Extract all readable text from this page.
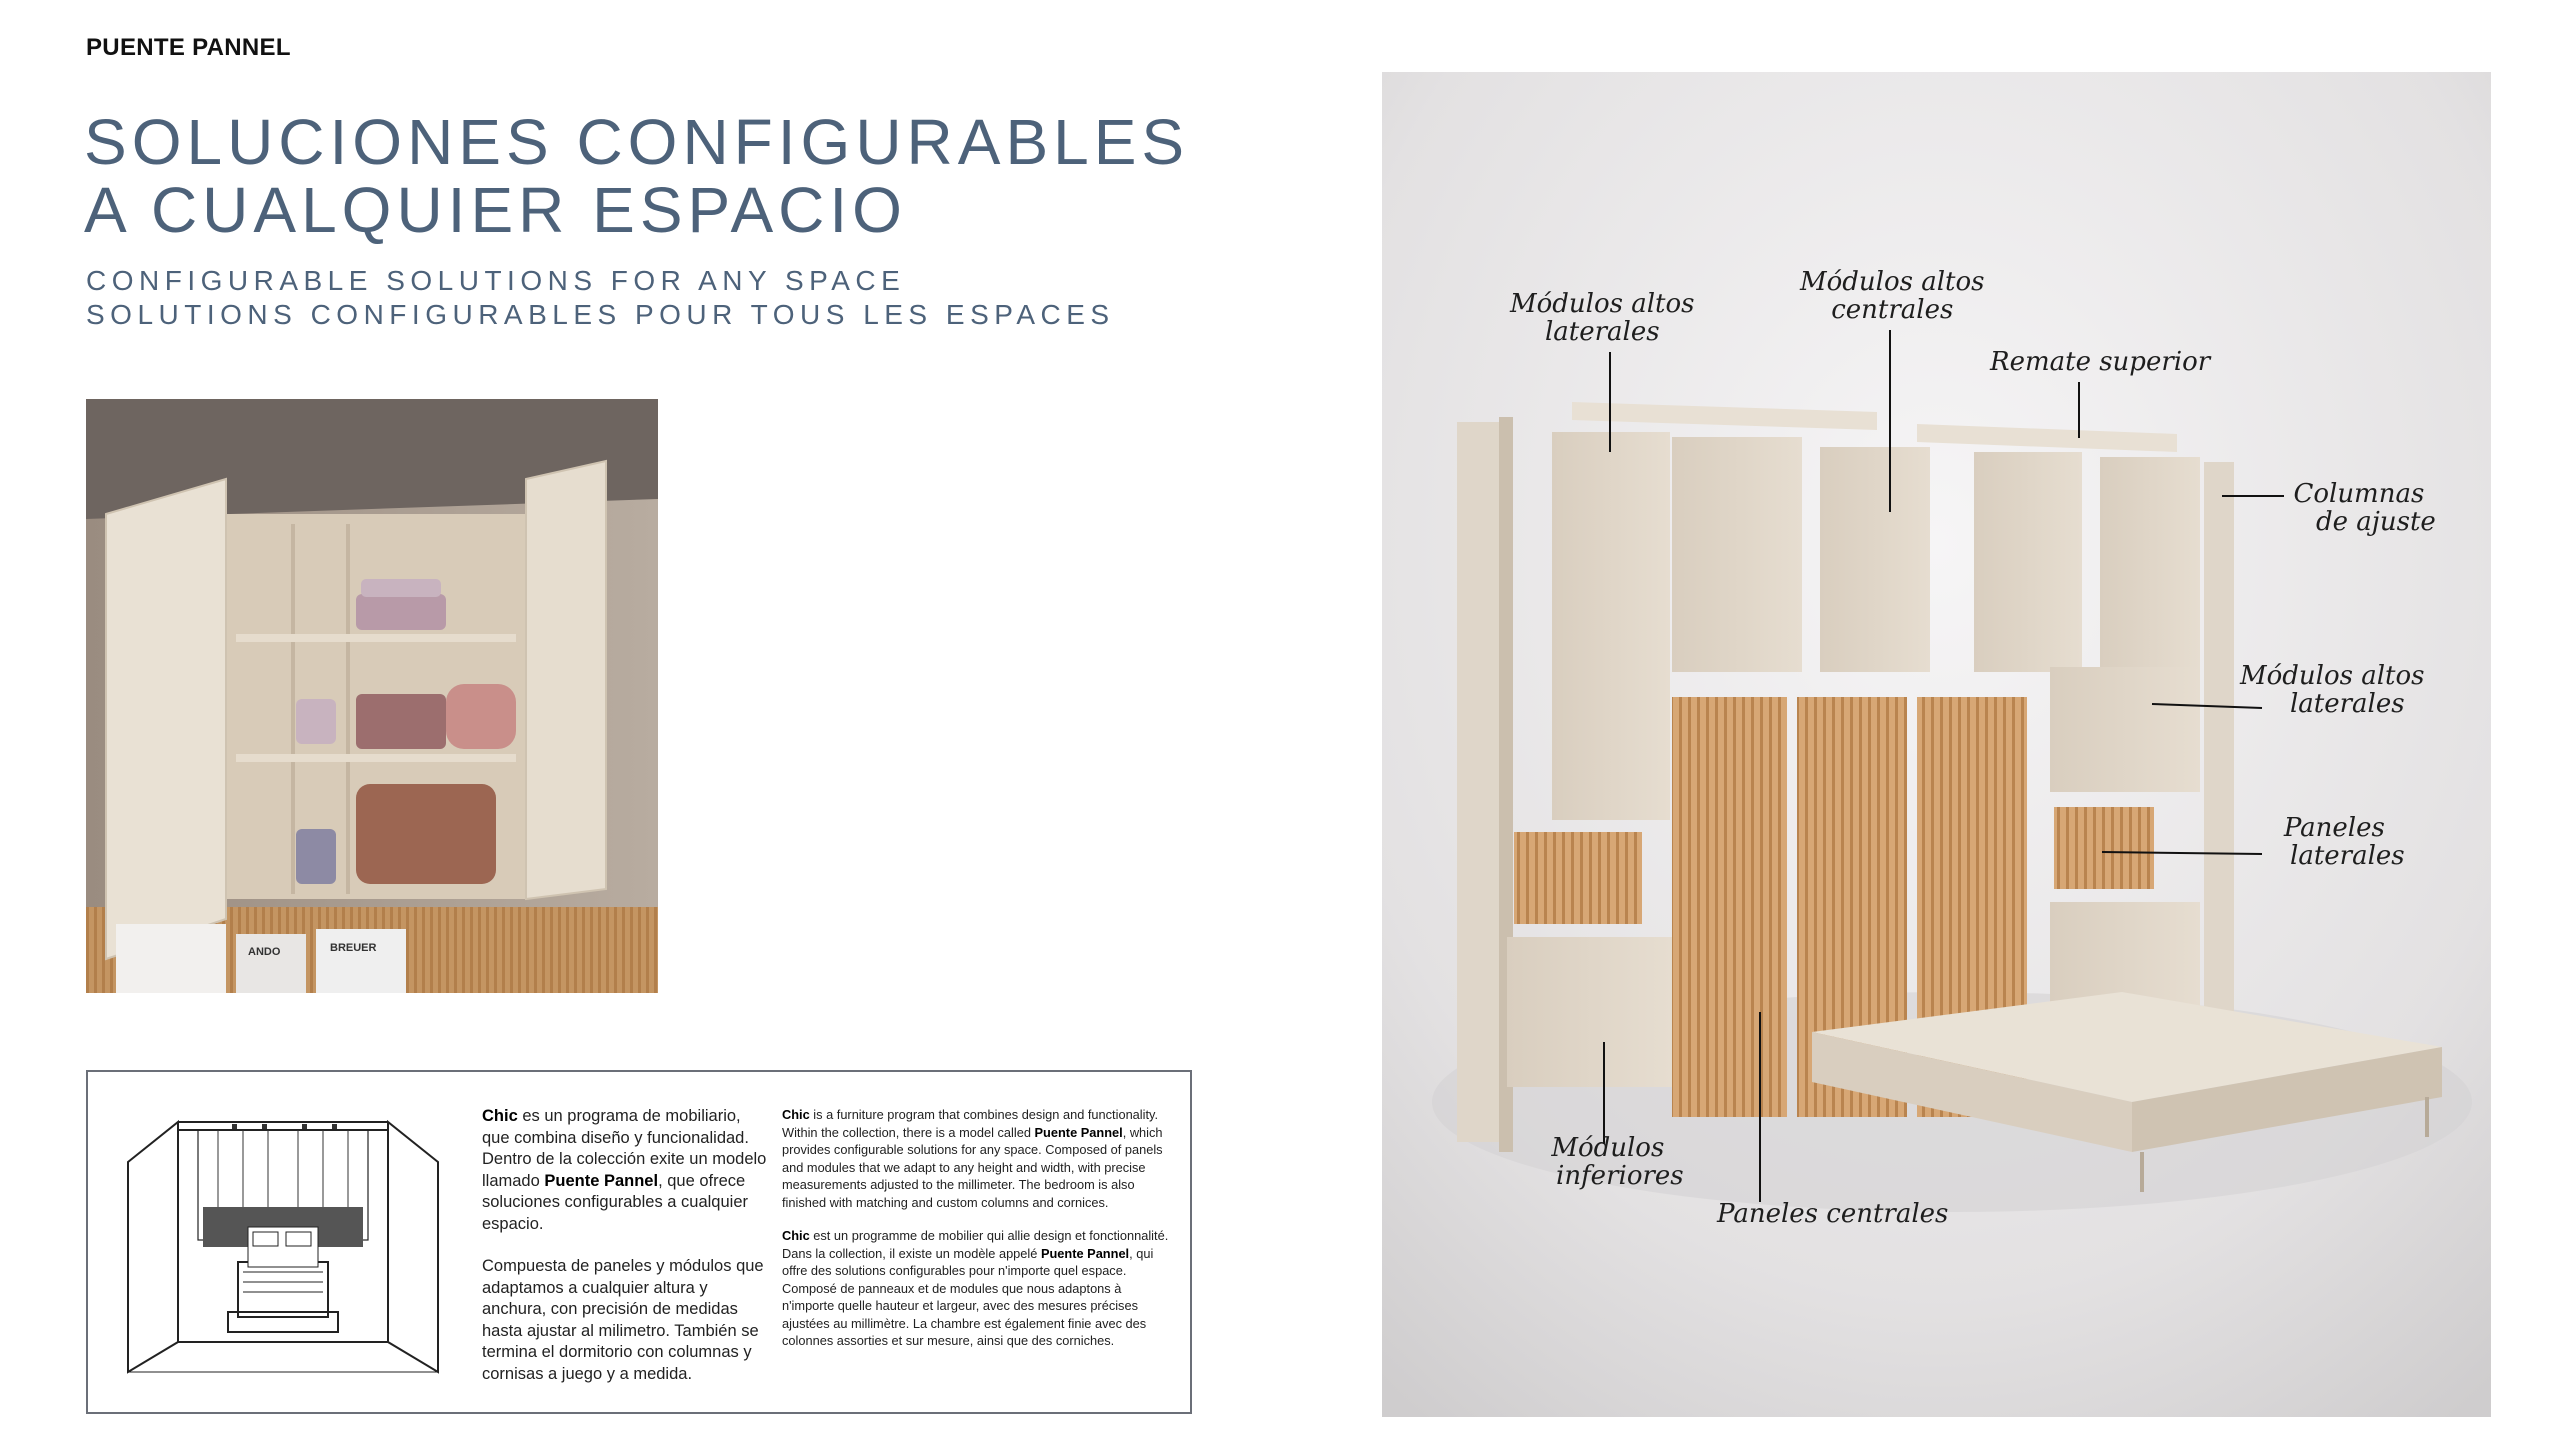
PUENTE PANNEL
SOLUCIONES CONFIGURABLES
A CUALQUIER ESPACIO
CONFIGURABLE SOLUTIONS FOR ANY SPACE
SOLUTIONS CONFIGURABLES POUR TOUS LES ESPACES
ANDO	BREUER

Chic es un programa de mobiliario, que combina diseño y funcionalidad. Dentro de la colección exite un modelo llamado Puente Pannel, que ofrece soluciones configurables a cualquier espacio.

Compuesta de paneles y módulos que adaptamos a cualquier altura y anchura, con precisión de medidas hasta ajustar al milimetro. También se termina el dormitorio con columnas y cornisas a juego y a medida.

Chic is a furniture program that combines design and functionality. Within the collection, there is a model called Puente Pannel, which provides configurable solutions for any space. Composed of panels and modules that we adapt to any height and width, with precise measurements adjusted to the millimeter. The bedroom is also finished with matching and custom columns and cornices.

Chic est un programme de mobilier qui allie design et fonctionnalité. Dans la collection, il existe un modèle appelé Puente Pannel, qui offre des solutions configurables pour n'importe quel espace. Composé de panneaux et de modules que nous adaptons à n'importe quelle hauteur et largeur, avec des mesures précises ajustées au millimètre. La chambre est également finie avec des colonnes assorties et sur mesure, ainsi que des corniches.

Módulos altos
laterales
Módulos altos
centrales
Remate superior
Columnas
de ajuste
Módulos altos
laterales
Paneles
laterales
Módulos
inferiores
Paneles centrales
